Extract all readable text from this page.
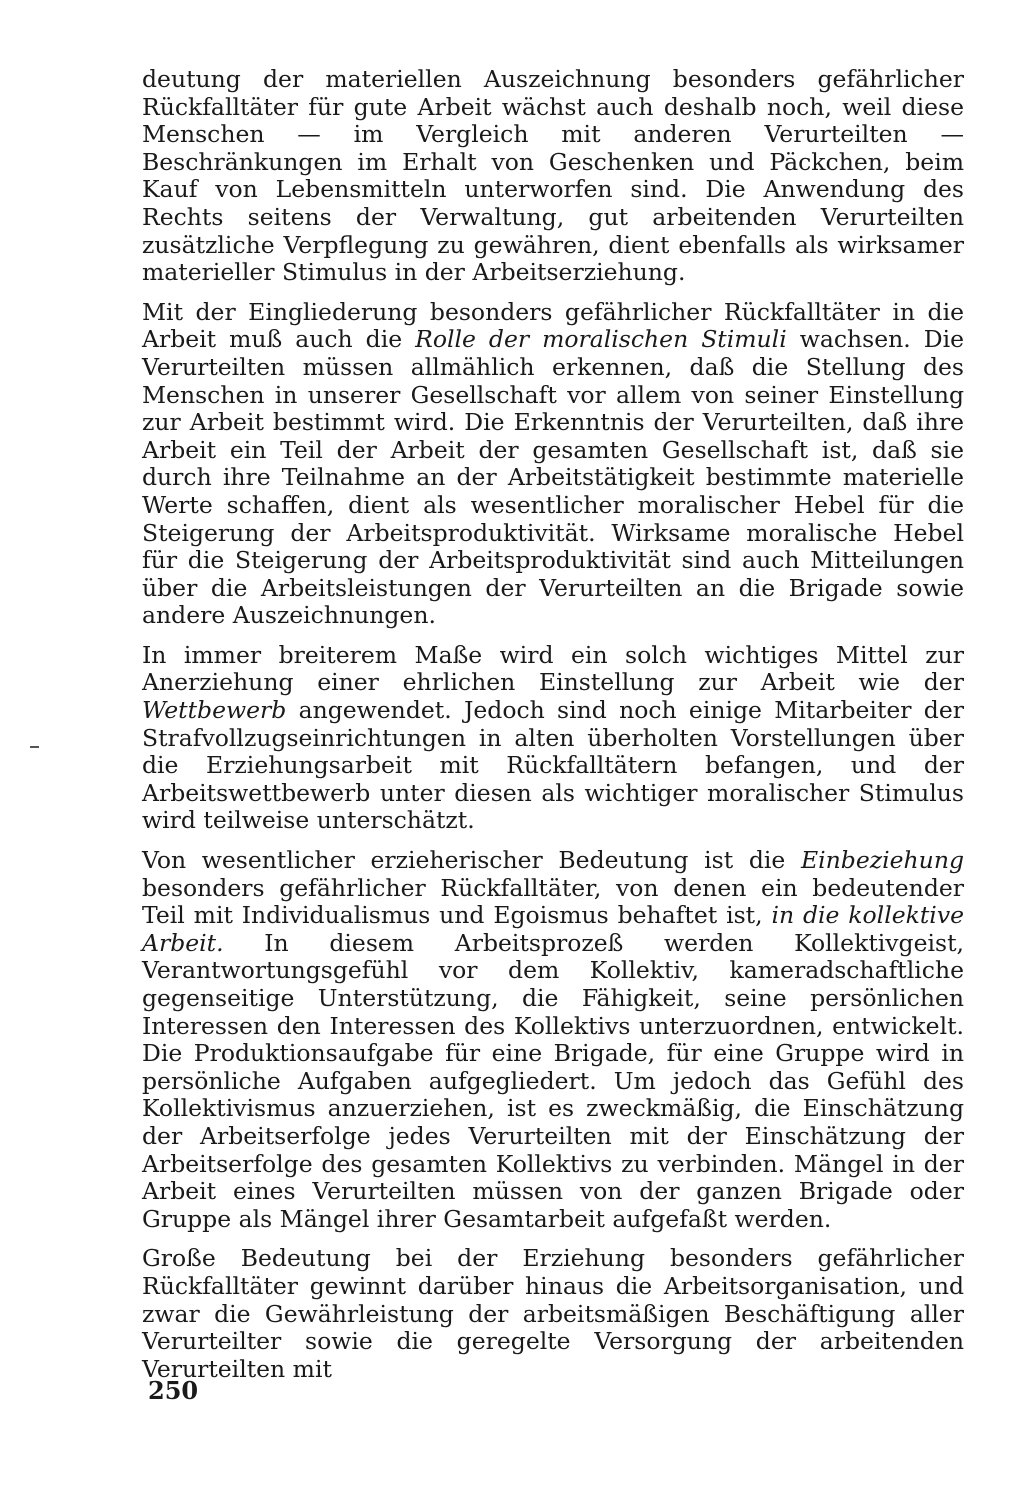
deutung der materiellen Auszeichnung besonders gefährlicher Rückfalltäter für gute Arbeit wächst auch deshalb noch, weil diese Menschen — im Vergleich mit anderen Verurteilten — Beschränkungen im Erhalt von Geschenken und Päckchen, beim Kauf von Lebensmitteln unterworfen sind. Die Anwendung des Rechts seitens der Verwaltung, gut arbeitenden Verurteilten zusätzliche Verpflegung zu gewähren, dient ebenfalls als wirksamer materieller Stimulus in der Arbeitserziehung.

Mit der Eingliederung besonders gefährlicher Rückfalltäter in die Arbeit muß auch die Rolle der moralischen Stimuli wachsen. Die Verurteilten müssen allmählich erkennen, daß die Stellung des Menschen in unserer Gesellschaft vor allem von seiner Einstellung zur Arbeit bestimmt wird. Die Erkenntnis der Verurteilten, daß ihre Arbeit ein Teil der Arbeit der gesamten Gesellschaft ist, daß sie durch ihre Teilnahme an der Arbeitstätigkeit bestimmte materielle Werte schaffen, dient als wesentlicher moralischer Hebel für die Steigerung der Arbeitsproduktivität. Wirksame moralische Hebel für die Steigerung der Arbeitsproduktivität sind auch Mitteilungen über die Arbeitsleistungen der Verurteilten an die Brigade sowie andere Auszeichnungen.

In immer breiterem Maße wird ein solch wichtiges Mittel zur Anerziehung einer ehrlichen Einstellung zur Arbeit wie der Wettbewerb angewendet. Jedoch sind noch einige Mitarbeiter der Strafvollzugseinrichtungen in alten überholten Vorstellungen über die Erziehungsarbeit mit Rückfalltätern befangen, und der Arbeitswettbewerb unter diesen als wichtiger moralischer Stimulus wird teilweise unterschätzt.

Von wesentlicher erzieherischer Bedeutung ist die Einbeziehung besonders gefährlicher Rückfalltäter, von denen ein bedeutender Teil mit Individualismus und Egoismus behaftet ist, in die kollektive Arbeit. In diesem Arbeitsprozeß werden Kollektivgeist, Verantwortungsgefühl vor dem Kollektiv, kameradschaftliche gegenseitige Unterstützung, die Fähigkeit, seine persönlichen Interessen den Interessen des Kollektivs unterzuordnen, entwickelt. Die Produktionsaufgabe für eine Brigade, für eine Gruppe wird in persönliche Aufgaben aufgegliedert. Um jedoch das Gefühl des Kollektivismus anzuerziehen, ist es zweckmäßig, die Einschätzung der Arbeitserfolge jedes Verurteilten mit der Einschätzung der Arbeitserfolge des gesamten Kollektivs zu verbinden. Mängel in der Arbeit eines Verurteilten müssen von der ganzen Brigade oder Gruppe als Mängel ihrer Gesamtarbeit aufgefaßt werden.

Große Bedeutung bei der Erziehung besonders gefährlicher Rückfalltäter gewinnt darüber hinaus die Arbeitsorganisation, und zwar die Gewährleistung der arbeitsmäßigen Beschäftigung aller Verurteilter sowie die geregelte Versorgung der arbeitenden Verurteilten mit

250
